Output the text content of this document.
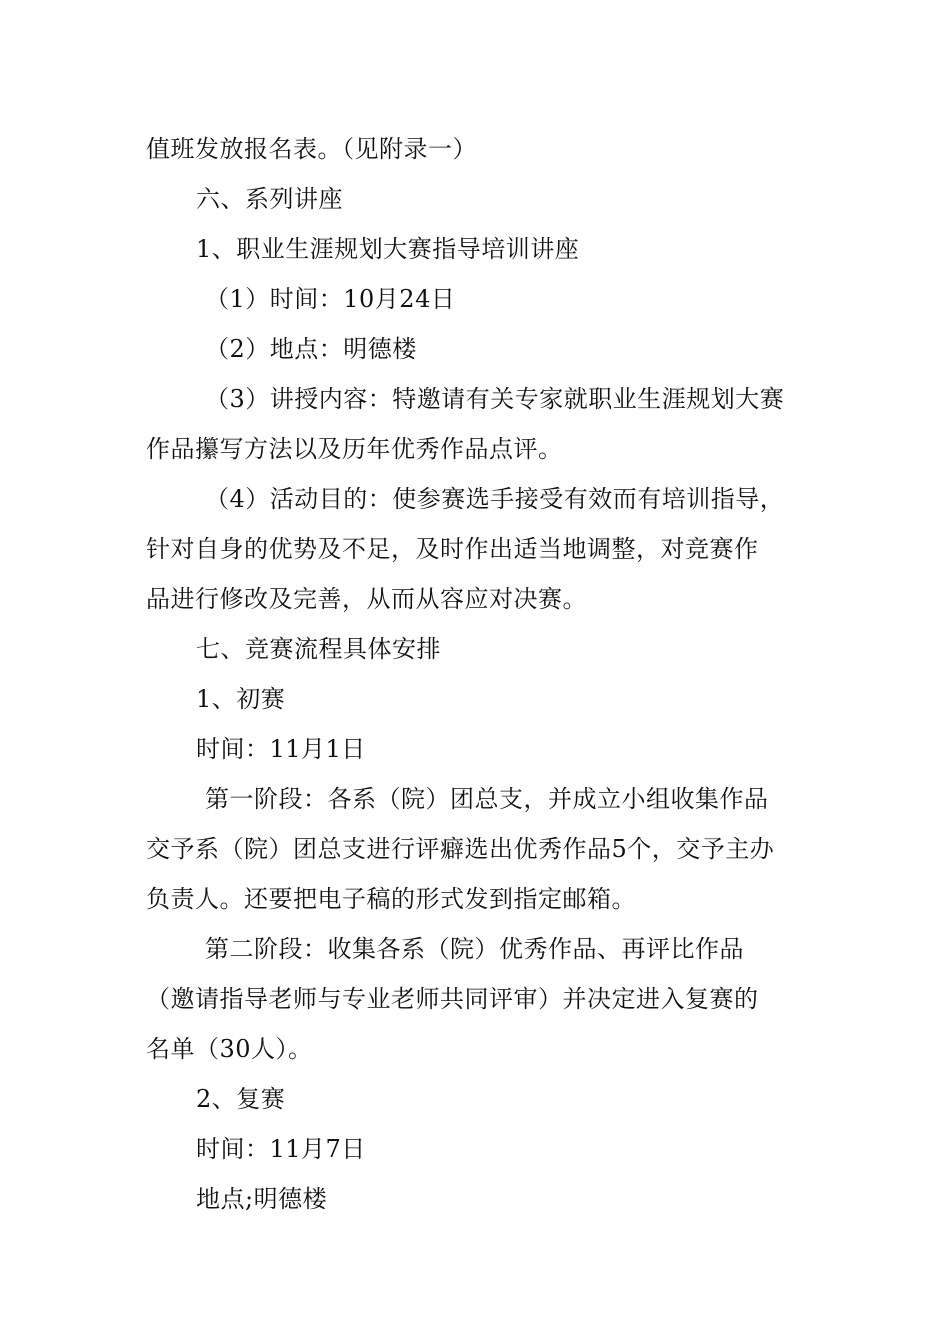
值班发放报名表。（见附录一）
六、系列讲座
1、职业生涯规划大赛指导培训讲座
（1）时间：10月24日
（2）地点：明德楼
（3）讲授内容：特邀请有关专家就职业生涯规划大赛
作品攥写方法以及历年优秀作品点评。
（4）活动目的：使参赛选手接受有效而有培训指导，
针对自身的优势及不足，及时作出适当地调整，对竞赛作
品进行修改及完善，从而从容应对决赛。
七、竞赛流程具体安排
1、初赛
时间：11月1日
第一阶段：各系（院）团总支，并成立小组收集作品
交予系（院）团总支进行评癖选出优秀作品5个，交予主办
负责人。还要把电子稿的形式发到指定邮箱。
第二阶段：收集各系（院）优秀作品、再评比作品
（邀请指导老师与专业老师共同评审）并决定进入复赛的
名单（30人）。
2、复赛
时间：11月7日
地点;明德楼
